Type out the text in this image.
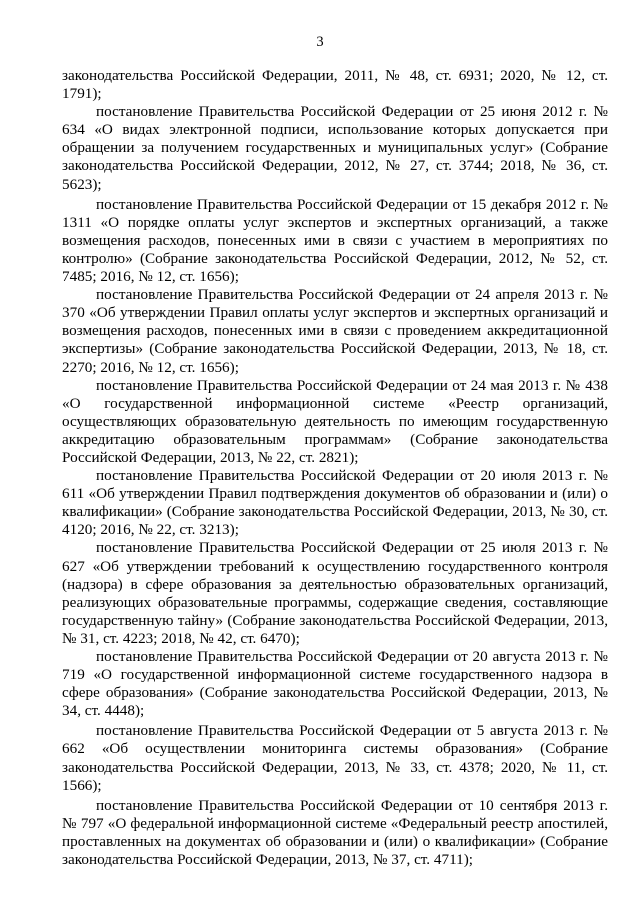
3

законодательства Российской Федерации, 2011, № 48, ст. 6931; 2020, № 12, ст. 1791);

постановление Правительства Российской Федерации от 25 июня 2012 г. № 634 «О видах электронной подписи, использование которых допускается при обращении за получением государственных и муниципальных услуг» (Собрание законодательства Российской Федерации, 2012, № 27, ст. 3744; 2018, № 36, ст. 5623);

постановление Правительства Российской Федерации от 15 декабря 2012 г. № 1311 «О порядке оплаты услуг экспертов и экспертных организаций, а также возмещения расходов, понесенных ими в связи с участием в мероприятиях по контролю» (Собрание законодательства Российской Федерации, 2012, № 52, ст. 7485; 2016, № 12, ст. 1656);

постановление Правительства Российской Федерации от 24 апреля 2013 г. № 370 «Об утверждении Правил оплаты услуг экспертов и экспертных организаций и возмещения расходов, понесенных ими в связи с проведением аккредитационной экспертизы» (Собрание законодательства Российской Федерации, 2013, № 18, ст. 2270; 2016, № 12, ст. 1656);

постановление Правительства Российской Федерации от 24 мая 2013 г. № 438 «О государственной информационной системе «Реестр организаций, осуществляющих образовательную деятельность по имеющим государственную аккредитацию образовательным программам» (Собрание законодательства Российской Федерации, 2013, № 22, ст. 2821);

постановление Правительства Российской Федерации от 20 июля 2013 г. № 611 «Об утверждении Правил подтверждения документов об образовании и (или) о квалификации» (Собрание законодательства Российской Федерации, 2013, № 30, ст. 4120; 2016, № 22, ст. 3213);

постановление Правительства Российской Федерации от 25 июля 2013 г. № 627 «Об утверждении требований к осуществлению государственного контроля (надзора) в сфере образования за деятельностью образовательных организаций, реализующих образовательные программы, содержащие сведения, составляющие государственную тайну» (Собрание законодательства Российской Федерации, 2013, № 31, ст. 4223; 2018, № 42, ст. 6470);

постановление Правительства Российской Федерации от 20 августа 2013 г. № 719 «О государственной информационной системе государственного надзора в сфере образования» (Собрание законодательства Российской Федерации, 2013, № 34, ст. 4448);

постановление Правительства Российской Федерации от 5 августа 2013 г. № 662 «Об осуществлении мониторинга системы образования» (Собрание законодательства Российской Федерации, 2013, № 33, ст. 4378; 2020, № 11, ст. 1566);

постановление Правительства Российской Федерации от 10 сентября 2013 г. № 797 «О федеральной информационной системе «Федеральный реестр апостилей, проставленных на документах об образовании и (или) о квалификации» (Собрание законодательства Российской Федерации, 2013, № 37, ст. 4711);
